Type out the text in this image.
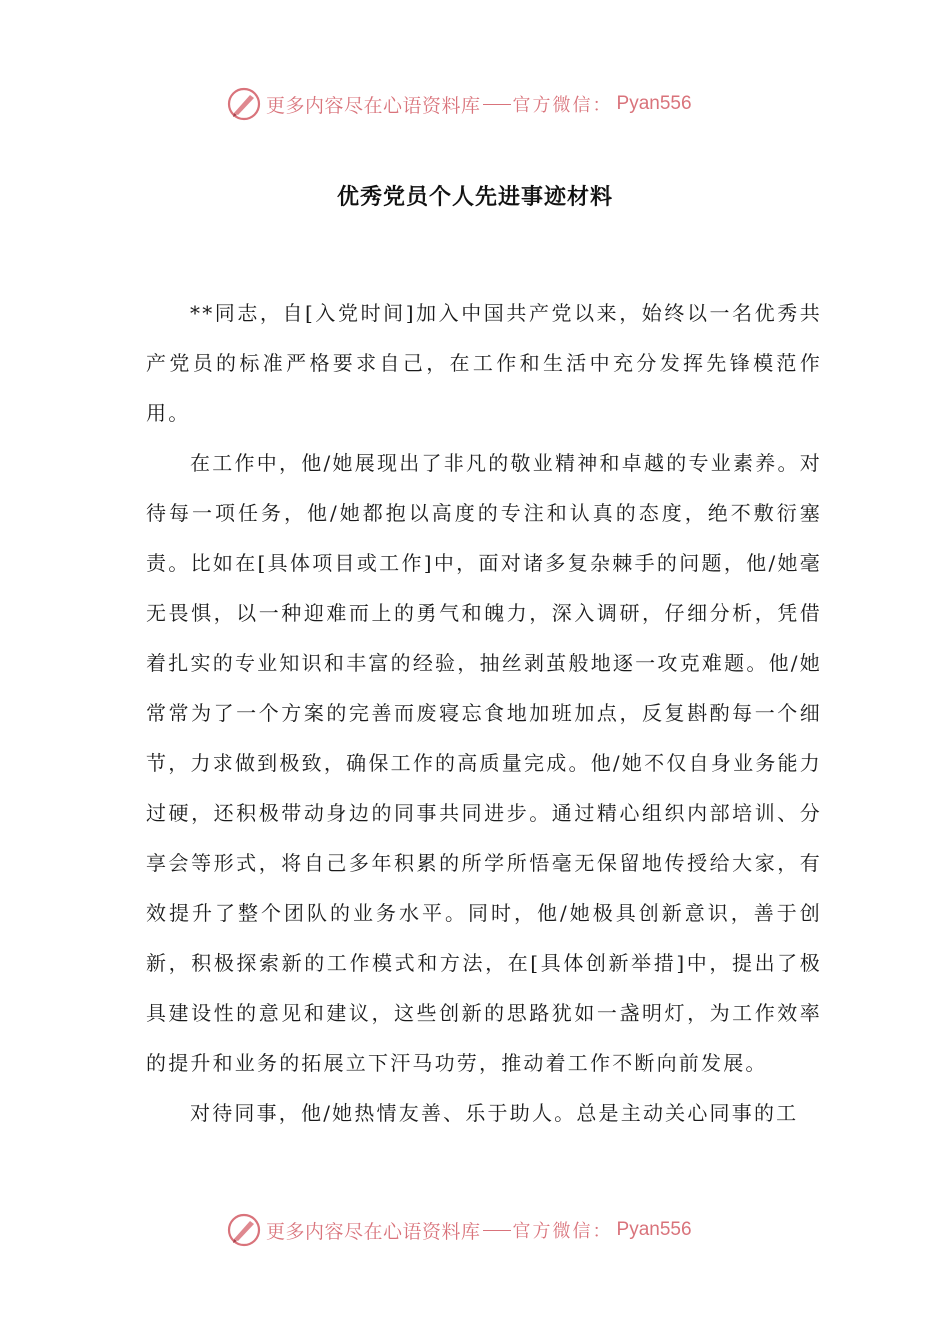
更多内容尽在心语资料库 官方微信： Pyan556
优秀党员个人先进事迹材料

**同志，自[入党时间]加入中国共产党以来，始终以一名优秀共产党员的标准严格要求自己，在工作和生活中充分发挥先锋模范作用。

在工作中，他/她展现出了非凡的敬业精神和卓越的专业素养。对待每一项任务，他/她都抱以高度的专注和认真的态度，绝不敷衍塞责。比如在[具体项目或工作]中，面对诸多复杂棘手的问题，他/她毫无畏惧，以一种迎难而上的勇气和魄力，深入调研，仔细分析，凭借着扎实的专业知识和丰富的经验，抽丝剥茧般地逐一攻克难题。他/她常常为了一个方案的完善而废寝忘食地加班加点，反复斟酌每一个细节，力求做到极致，确保工作的高质量完成。他/她不仅自身业务能力过硬，还积极带动身边的同事共同进步。通过精心组织内部培训、分享会等形式，将自己多年积累的所学所悟毫无保留地传授给大家，有效提升了整个团队的业务水平。同时，他/她极具创新意识，善于创新，积极探索新的工作模式和方法，在[具体创新举措]中，提出了极具建设性的意见和建议，这些创新的思路犹如一盏明灯，为工作效率的提升和业务的拓展立下汗马功劳，推动着工作不断向前发展。

对待同事，他/她热情友善、乐于助人。总是主动关心同事的工

更多内容尽在心语资料库 官方微信： Pyan556
